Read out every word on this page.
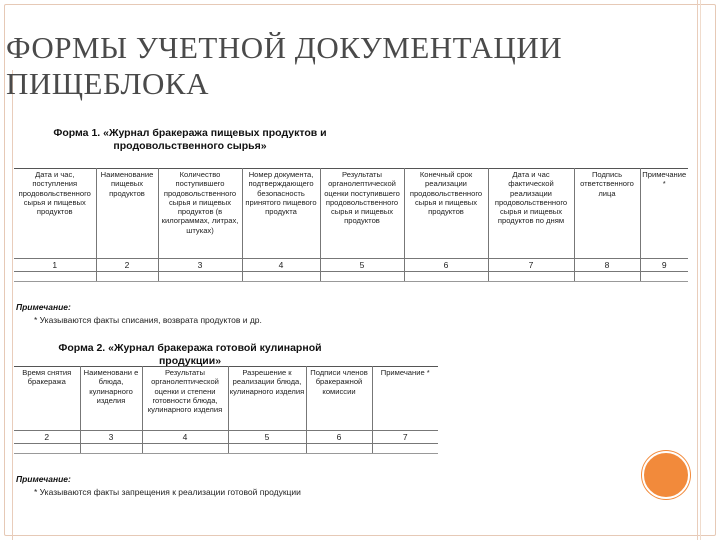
ФОРМЫ УЧЕТНОЙ ДОКУМЕНТАЦИИ
ПИЩЕБЛОКА
Форма 1. «Журнал бракеража пищевых продуктов и
продовольственного сырья»
Дата и час, поступления продовольственного сырья и пищевых продуктов	Наименование пищевых продуктов	Количество поступившего продовольственного сырья и пищевых продуктов (в килограммах, литрах, штуках)	Номер документа, подтверждающего безопасность принятого пищевого продукта	Результаты органолептической оценки поступившего продовольственного сырья и пищевых продуктов	Конечный срок реализации продовольственного сырья и пищевых продуктов	Дата и час фактической реализации продовольственного сырья и пищевых продуктов по дням	Подпись ответственного лица	Примечание *
1	2	3	4	5	6	7	8	9

Примечание:
* Указываются факты списания, возврата продуктов и др.
Форма 2. «Журнал бракеража готовой кулинарной продукции»
Время снятия бракеража	Наименовани е блюда, кулинарного изделия	Результаты органолептической оценки и степени готовности блюда, кулинарного изделия	Разрешение к реализации блюда, кулинарного изделия	Подписи членов бракеражной комиссии	Примечание *
2	3	4	5	6	7

Примечание:
* Указываются факты запрещения к реализации готовой продукции
